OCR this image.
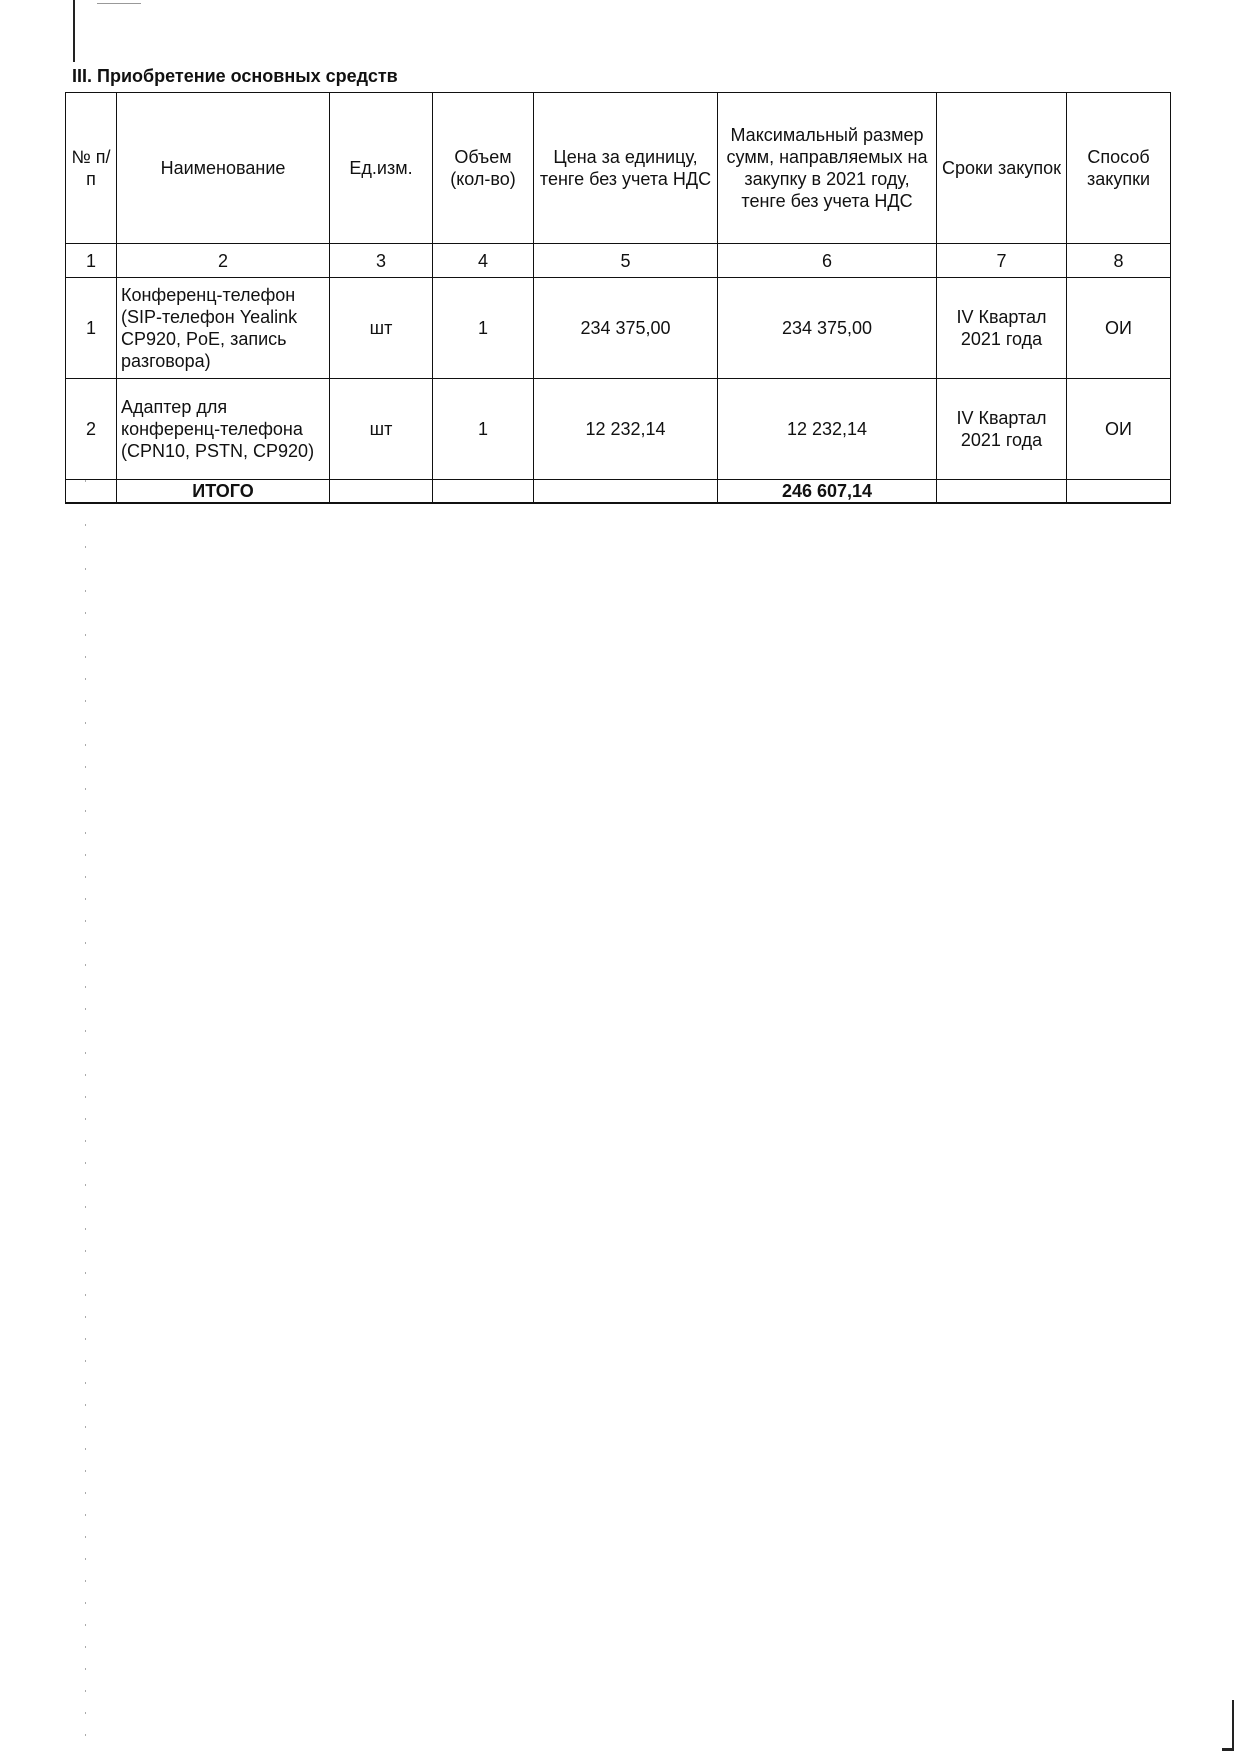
III. Приобретение основных средств
№ п/п	Наименование	Ед.изм.	Объем (кол-во)	Цена за единицу, тенге без учета НДС	Максимальный размер сумм, направляемых на закупку в 2021 году, тенге без учета НДС	Сроки закупок	Способ закупки
1	2	3	4	5	6	7	8
1	Конференц-телефон (SIP-телефон Yealink CP920, PoE, запись разговора)	шт	1	234 375,00	234 375,00	IV Квартал 2021 года	ОИ
2	Адаптер для конференц-телефона (CPN10, PSTN, CP920)	шт	1	12 232,14	12 232,14	IV Квартал 2021 года	ОИ
	ИТОГО				246 607,14		
